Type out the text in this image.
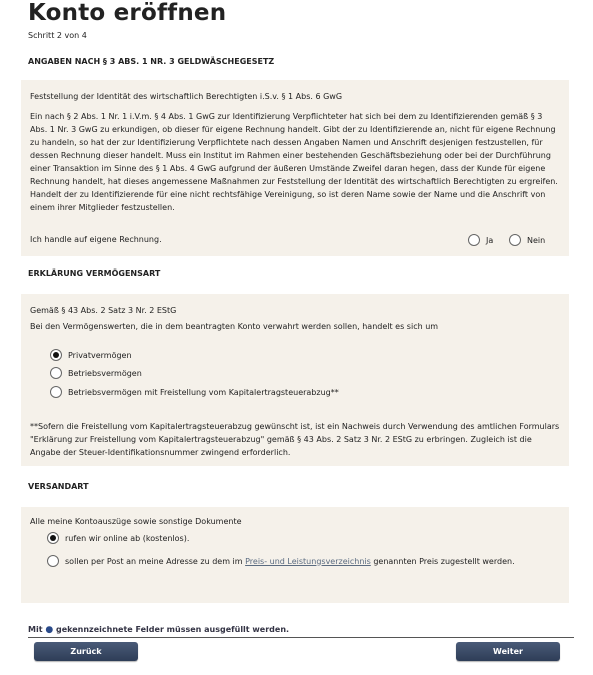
Konto eröffnen
Schritt 2 von 4
ANGABEN NACH § 3 ABS. 1 NR. 3 GELDWÄSCHEGESETZ
Feststellung der Identität des wirtschaftlich Berechtigten i.S.v. § 1 Abs. 6 GwG
Ein nach § 2 Abs. 1 Nr. 1 i.V.m. § 4 Abs. 1 GwG zur Identifizierung Verpflichteter hat sich bei dem zu Identifizierenden gemäß § 3 Abs. 1 Nr. 3 GwG zu erkundigen, ob dieser für eigene Rechnung handelt. Gibt der zu Identifizierende an, nicht für eigene Rechnung zu handeln, so hat der zur Identifizierung Verpflichtete nach dessen Angaben Namen und Anschrift desjenigen festzustellen, für dessen Rechnung dieser handelt. Muss ein Institut im Rahmen einer bestehenden Geschäftsbeziehung oder bei der Durchführung einer Transaktion im Sinne des § 1 Abs. 4 GwG aufgrund der äußeren Umstände Zweifel daran hegen, dass der Kunde für eigene Rechnung handelt, hat dieses angemessene Maßnahmen zur Feststellung der Identität des wirtschaftlich Berechtigten zu ergreifen. Handelt der zu Identifizierende für eine nicht rechtsfähige Vereinigung, so ist deren Name sowie der Name und die Anschrift von einem ihrer Mitglieder festzustellen.
Ich handle auf eigene Rechnung.	Ja	Nein
ERKLÄRUNG VERMÖGENSART
Gemäß § 43 Abs. 2 Satz 3 Nr. 2 EStG
Bei den Vermögenswerten, die in dem beantragten Konto verwahrt werden sollen, handelt es sich um
Privatvermögen
Betriebsvermögen
Betriebsvermögen mit Freistellung vom Kapitalertragsteuerabzug**
**Sofern die Freistellung vom Kapitalertragsteuerabzug gewünscht ist, ist ein Nachweis durch Verwendung des amtlichen Formulars "Erklärung zur Freistellung vom Kapitalertragsteuerabzug" gemäß § 43 Abs. 2 Satz 3 Nr. 2 EStG zu erbringen. Zugleich ist die Angabe der Steuer-Identifikationsnummer zwingend erforderlich.
VERSANDART
Alle meine Kontoauszüge sowie sonstige Dokumente
rufen wir online ab (kostenlos).
sollen per Post an meine Adresse zu dem im Preis- und Leistungsverzeichnis genannten Preis zugestellt werden.
Mit ● gekennzeichnete Felder müssen ausgefüllt werden.
Zurück	Weiter
